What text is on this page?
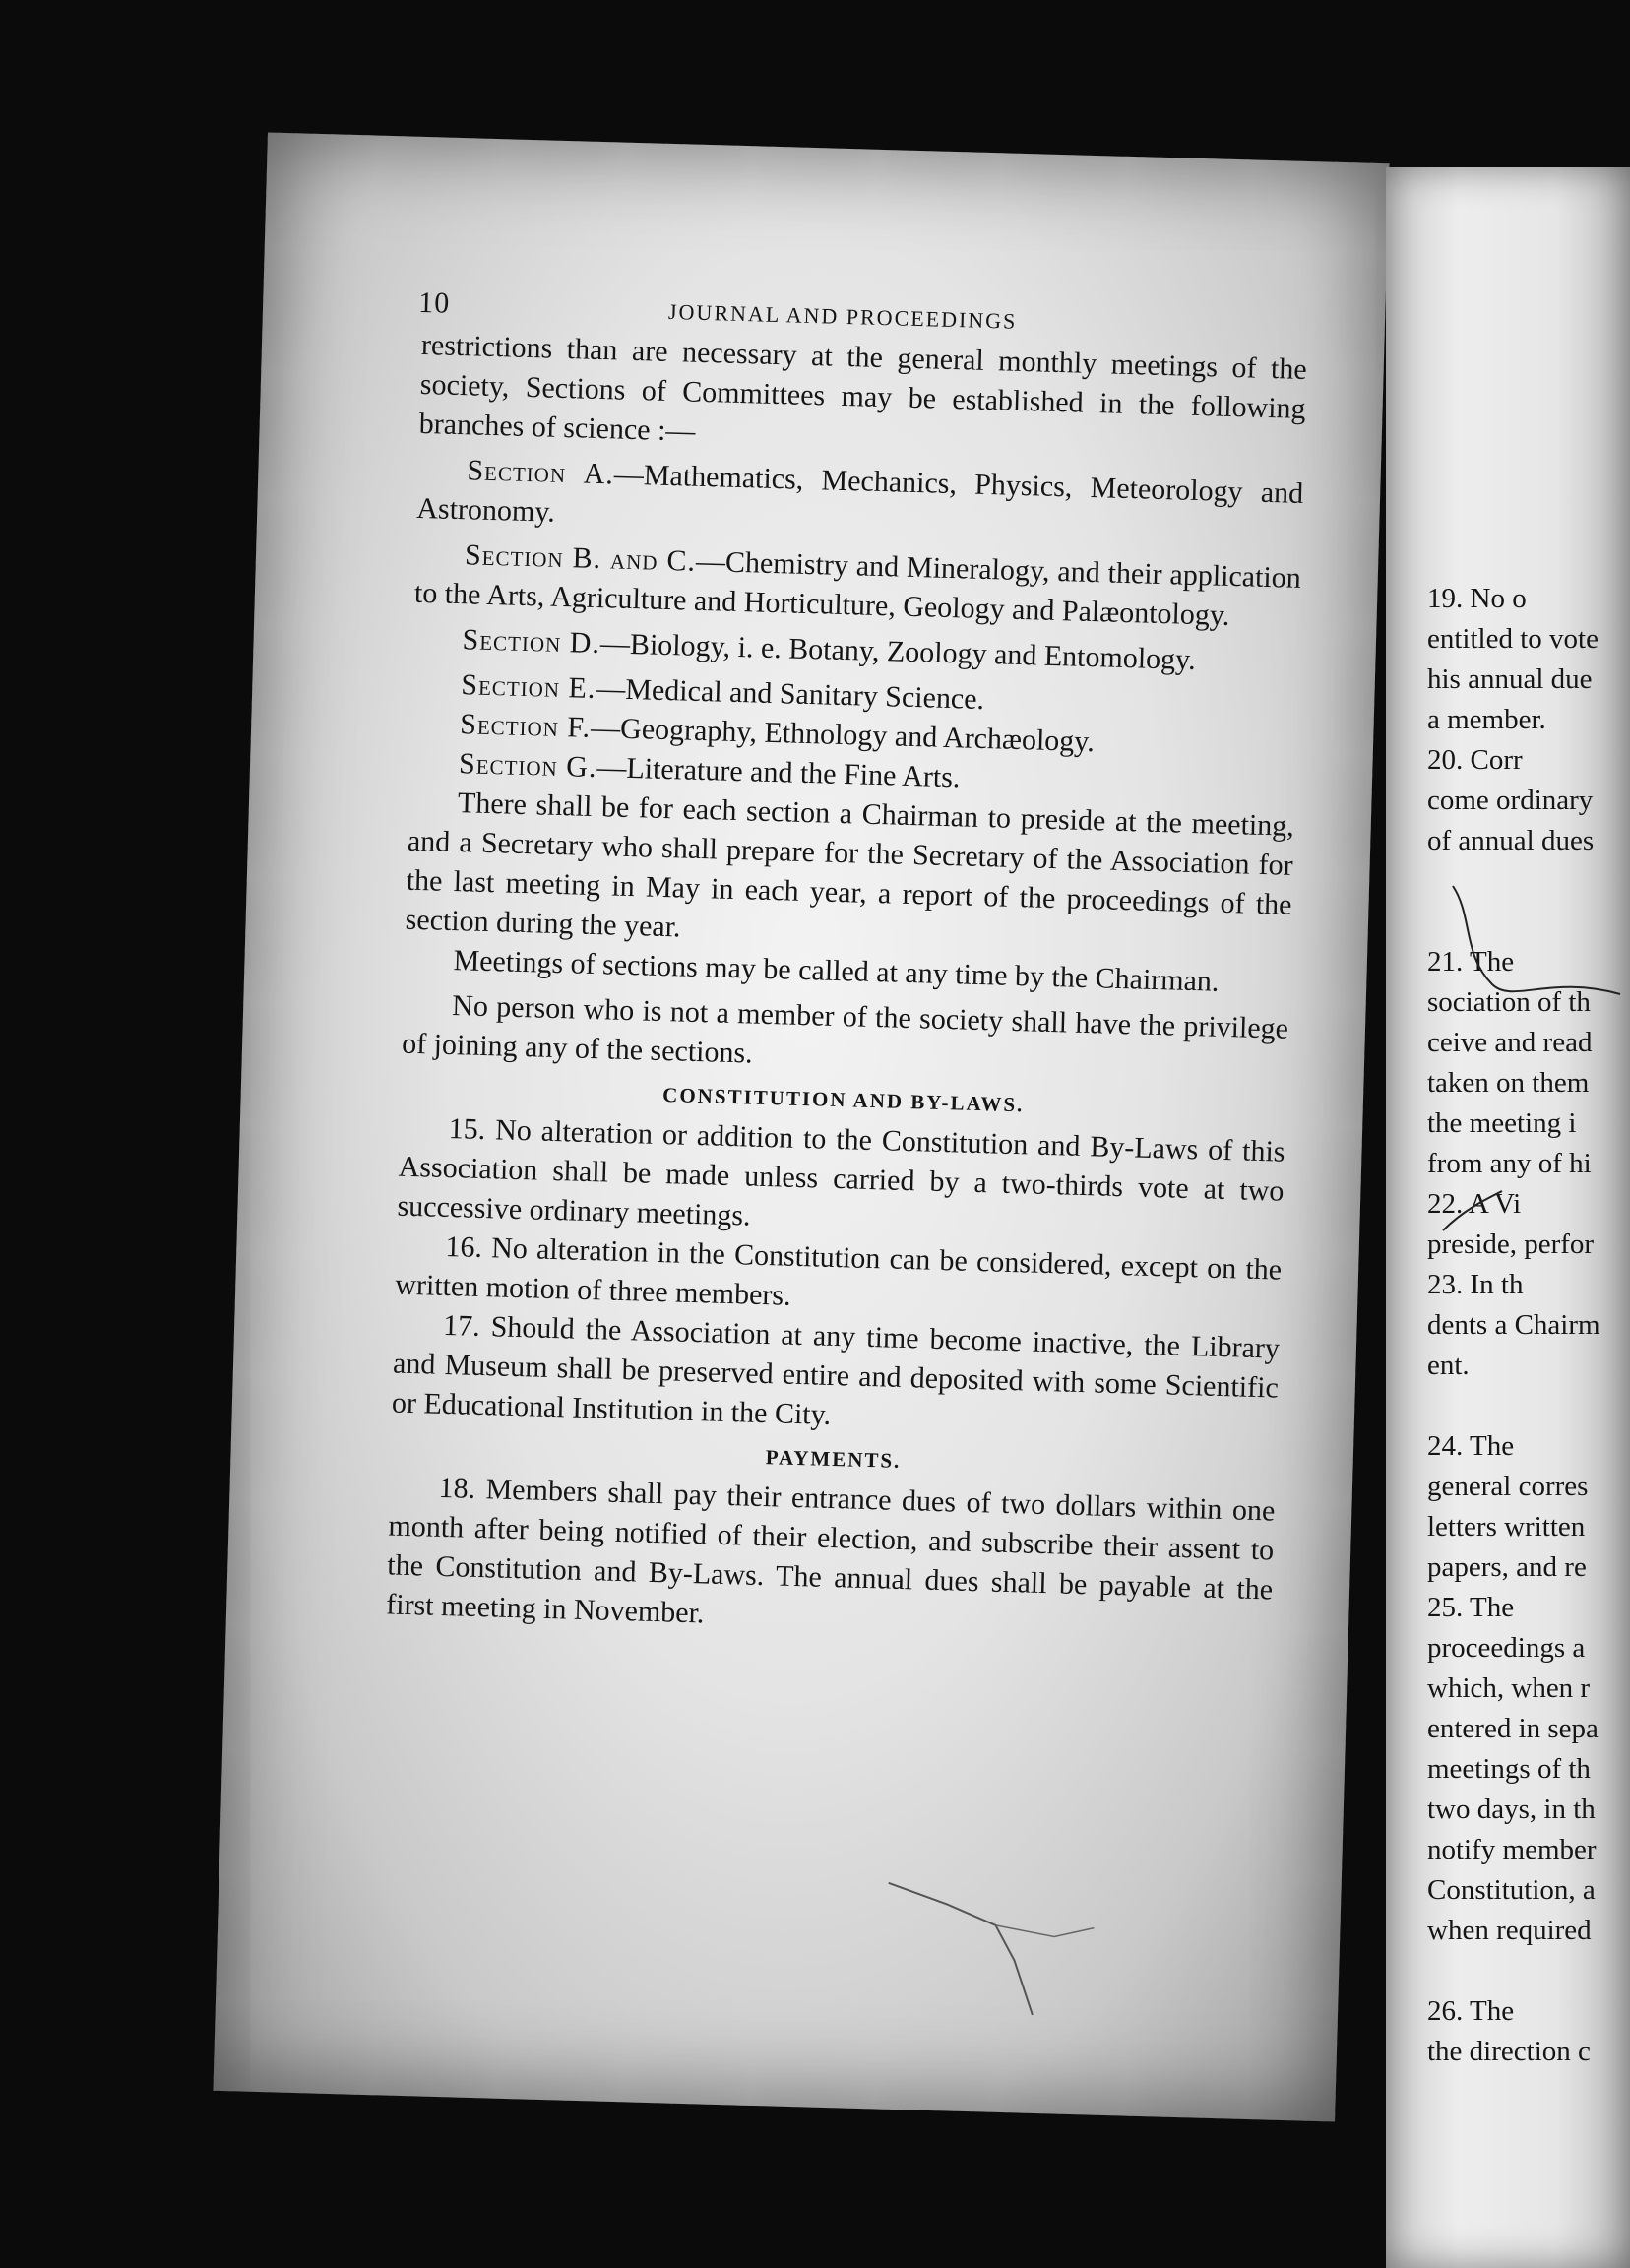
10	JOURNAL AND PROCEEDINGS

restrictions than are necessary at the general monthly meetings of the society, Sections of Committees may be established in the following branches of science :—

Section A.—Mathematics, Mechanics, Physics, Meteorology and Astronomy.

Section B. and C.—Chemistry and Mineralogy, and their application to the Arts, Agriculture and Horticulture, Geology and Palæontology.

Section D.—Biology, i. e. Botany, Zoology and Entomology.

Section E.—Medical and Sanitary Science.

Section F.—Geography, Ethnology and Archæology.

Section G.—Literature and the Fine Arts.

There shall be for each section a Chairman to preside at the meeting, and a Secretary who shall prepare for the Secretary of the Association for the last meeting in May in each year, a report of the proceedings of the section during the year.

Meetings of sections may be called at any time by the Chairman.

No person who is not a member of the society shall have the privilege of joining any of the sections.

CONSTITUTION AND BY-LAWS.

15. No alteration or addition to the Constitution and By-Laws of this Association shall be made unless carried by a two-thirds vote at two successive ordinary meetings.

16. No alteration in the Constitution can be considered, except on the written motion of three members.

17. Should the Association at any time become inactive, the Library and Museum shall be preserved entire and deposited with some Scientific or Educational Institution in the City.

PAYMENTS.

18. Members shall pay their entrance dues of two dollars within one month after being notified of their election, and subscribe their assent to the Constitution and By-Laws. The annual dues shall be payable at the first meeting in November.

19. No o
entitled to vote
his annual due
a member.
20. Corr
come ordinary
of annual dues
21. The
sociation of th
ceive and read
taken on them
the meeting i
from any of hi
22. A Vi
preside, perfor
23. In th
dents a Chairm
ent.
24. The
general corres
letters written
papers, and re
25. The
proceedings a
which, when r
entered in sepa
meetings of th
two days, in th
notify member
Constitution, a
when required
26. The
the direction c
